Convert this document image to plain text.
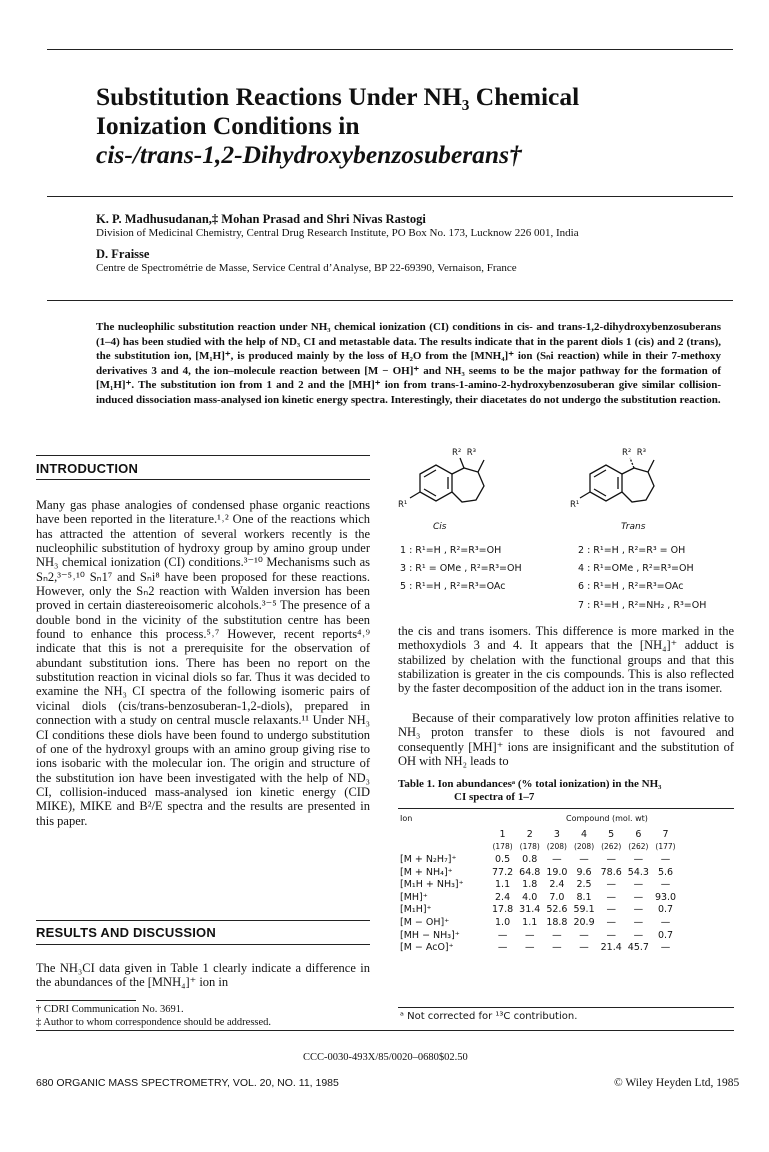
Substitution Reactions Under NH₃ Chemical
Ionization Conditions in
cis-/trans-1,2-Dihydroxybenzosuberans†
K. P. Madhusudanan,‡ Mohan Prasad and Shri Nivas Rastogi
Division of Medicinal Chemistry, Central Drug Research Institute, PO Box No. 173, Lucknow 226 001, India
D. Fraisse
Centre de Spectrométrie de Masse, Service Central d’Analyse, BP 22-69390, Vernaison, France
The nucleophilic substitution reaction under NH₃ chemical ionization (CI) conditions in cis- and trans-1,2-dihydroxybenzosuberans (1–4) has been studied with the help of ND₃ CI and metastable data. The results indicate that in the parent diols 1 (cis) and 2 (trans), the substitution ion, [M₁H]⁺, is produced mainly by the loss of H₂O from the [MNH₄]⁺ ion (Sₙi reaction) while in their 7-methoxy derivatives 3 and 4, the ion–molecule reaction between [M − OH]⁺ and NH₃ seems to be the major pathway for the formation of [M₁H]⁺. The substitution ion from 1 and 2 and the [MH]⁺ ion from trans-1-amino-2-hydroxybenzosuberan give similar collision-induced dissociation mass-analysed ion kinetic energy spectra. Interestingly, their diacetates do not undergo the substitution reaction.
INTRODUCTION
Many gas phase analogies of condensed phase organic reactions have been reported in the literature.¹˒² One of the reactions which has attracted the attention of several workers recently is the nucleophilic substitution of hydroxy group by amino group under NH₃ chemical ionization (CI) conditions.³⁻¹⁰ Mechanisms such as Sₙ2,³⁻⁵˒¹⁰ Sₙ1⁷ and Sₙi⁸ have been proposed for these reactions. However, only the Sₙ2 reaction with Walden inversion has been proved in certain diastereoisomeric alcohols.³⁻⁵ The presence of a double bond in the vicinity of the substitution centre has been found to enhance this process.⁵˒⁷ However, recent reports⁴˒⁹ indicate that this is not a prerequisite for the observation of abundant substitution ions. There has been no report on the substitution reaction in vicinal diols so far. Thus it was decided to examine the NH₃ CI spectra of the following isomeric pairs of vicinal diols (cis/trans-benzosuberan-1,2-diols), prepared in connection with a study on central muscle relaxants.¹¹ Under NH₃ CI conditions these diols have been found to undergo substitution of one of the hydroxyl groups with an amino group giving rise to ions isobaric with the molecular ion. The origin and structure of the substitution ion have been investigated with the help of ND₃ CI, collision-induced mass-analysed ion kinetic energy (CID MIKE), MIKE and B²/E spectra and the results are presented in this paper.
RESULTS AND DISCUSSION
The NH₃CI data given in Table 1 clearly indicate a difference in the abundances of the [MNH₄]⁺ ion in
† CDRI Communication No. 3691.
‡ Author to whom correspondence should be addressed.
R²  R³
R¹
Cis
R²  R³
R¹
Trans
1 : R¹=H , R²=R³=OH	2 : R¹=H , R²=R³ = OH
3 : R¹ = OMe , R²=R³=OH	4 : R¹=OMe , R²=R³=OH
5 : R¹=H , R²=R³=OAc	6 : R¹=H , R²=R³=OAc
7 : R¹=H , R²=NH₂ , R³=OH
the cis and trans isomers. This difference is more marked in the methoxydiols 3 and 4. It appears that the [NH₄]⁺ adduct is stabilized by chelation with the functional groups and that this stabilization is greater in the cis compounds. This is also reflected by the faster decomposition of the adduct ion in the trans isomer.
Because of their comparatively low proton affinities relative to NH₃ proton transfer to these diols is not favoured and consequently [MH]⁺ ions are insignificant and the substitution of OH with NH₂ leads to
Table 1. Ion abundancesᵃ (% total ionization) in the NH₃
CI spectra of 1–7
Ion	Compound (mol. wt)
	1	2	3	4	5	6	7
	(178)	(178)	(208)	(208)	(262)	(262)	(177)
[M + N₂H₇]⁺	0.5	0.8	—	—	—	—	—
[M + NH₄]⁺	77.2	64.8	19.0	9.6	78.6	54.3	5.6
[M₁H + NH₃]⁺	1.1	1.8	2.4	2.5	—	—	—
[MH]⁺	2.4	4.0	7.0	8.1	—	—	93.0
[M₁H]⁺	17.8	31.4	52.6	59.1	—	—	0.7
[M − OH]⁺	1.0	1.1	18.8	20.9	—	—	—
[MH − NH₃]⁺	—	—	—	—	—	—	0.7
[M − AcO]⁺	—	—	—	—	21.4	45.7	—
ᵃ Not corrected for ¹³C contribution.
CCC-0030-493X/85/0020–0680$02.50
680 ORGANIC MASS SPECTROMETRY, VOL. 20, NO. 11, 1985	© Wiley Heyden Ltd, 1985
